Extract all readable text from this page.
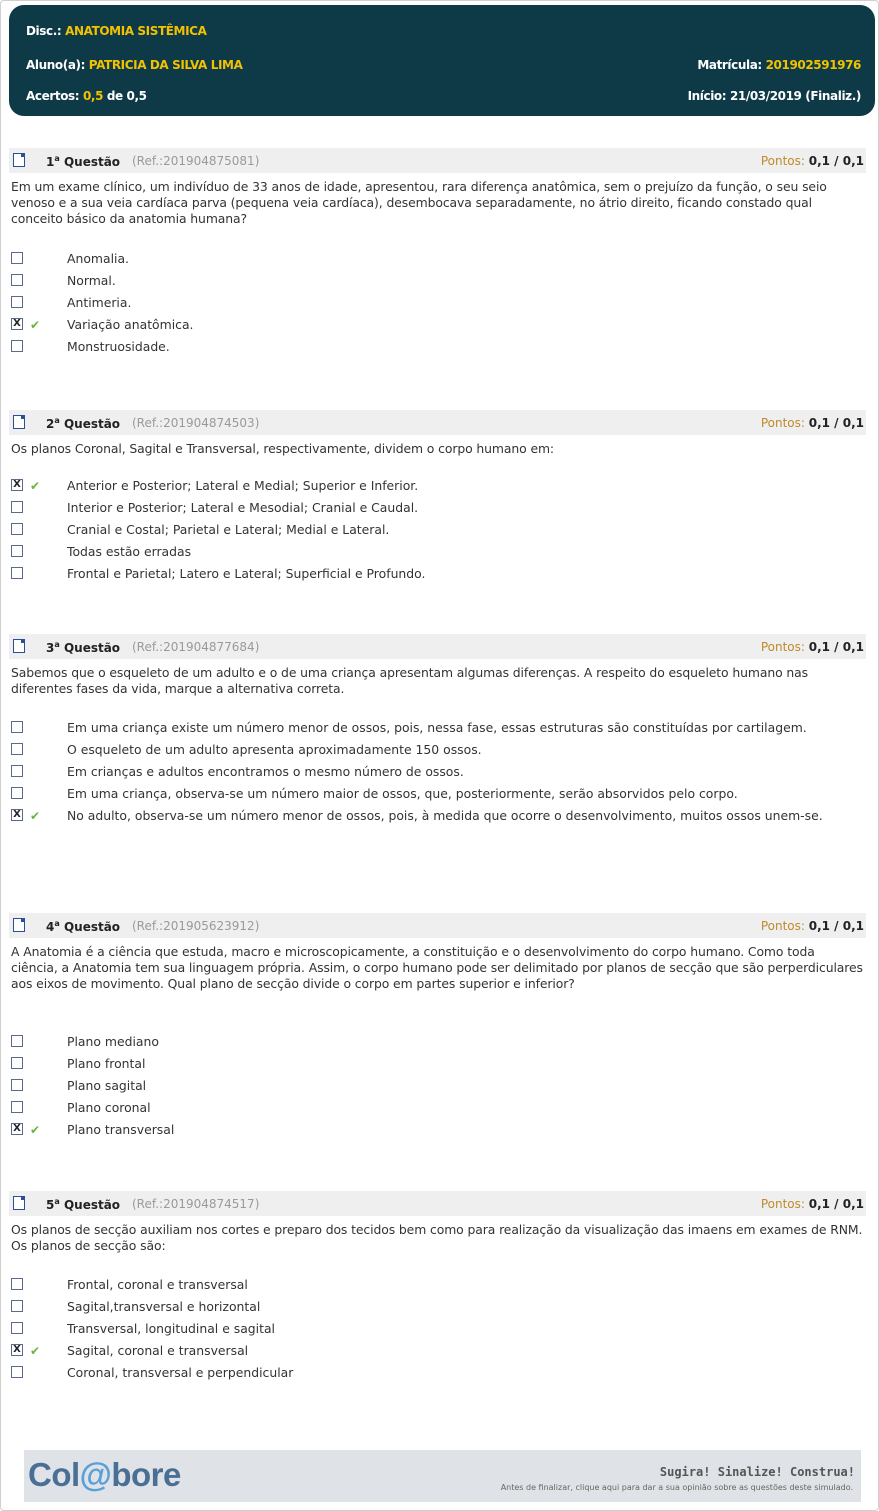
Disc.: ANATOMIA SISTÊMICA
Aluno(a): PATRICIA DA SILVA LIMA	Matrícula: 201902591976
Acertos: 0,5 de 0,5	Início: 21/03/2019 (Finaliz.)
1$^a$ Questão (Ref.:201904875081)	Pontos: 0,1 / 0,1
Em um exame clínico, um indivíduo de 33 anos de idade, apresentou, rara diferença anatômica, sem o prejuízo da função, o seu seio venoso e a sua veia cardíaca parva (pequena veia cardíaca), desembocava separadamente, no átrio direito, ficando constado qual conceito básico da anatomia humana?
Anomalia.
Normal.
Antimeria.
X ✔ Variação anatômica.
Monstruosidade.
2$^a$ Questão (Ref.:201904874503)	Pontos: 0,1 / 0,1
Os planos Coronal, Sagital e Transversal, respectivamente, dividem o corpo humano em:
X ✔ Anterior e Posterior; Lateral e Medial; Superior e Inferior.
Interior e Posterior; Lateral e Mesodial; Cranial e Caudal.
Cranial e Costal; Parietal e Lateral; Medial e Lateral.
Todas estão erradas
Frontal e Parietal; Latero e Lateral; Superficial e Profundo.
3$^a$ Questão (Ref.:201904877684)	Pontos: 0,1 / 0,1
Sabemos que o esqueleto de um adulto e o de uma criança apresentam algumas diferenças. A respeito do esqueleto humano nas diferentes fases da vida, marque a alternativa correta.
Em uma criança existe um número menor de ossos, pois, nessa fase, essas estruturas são constituídas por cartilagem.
O esqueleto de um adulto apresenta aproximadamente 150 ossos.
Em crianças e adultos encontramos o mesmo número de ossos.
Em uma criança, observa-se um número maior de ossos, que, posteriormente, serão absorvidos pelo corpo.
X ✔ No adulto, observa-se um número menor de ossos, pois, à medida que ocorre o desenvolvimento, muitos ossos unem-se.
4$^a$ Questão (Ref.:201905623912)	Pontos: 0,1 / 0,1
A Anatomia é a ciência que estuda, macro e microscopicamente, a constituição e o desenvolvimento do corpo humano. Como toda ciência, a Anatomia tem sua linguagem própria. Assim, o corpo humano pode ser delimitado por planos de secção que são perperdiculares aos eixos de movimento. Qual plano de secção divide o corpo em partes superior e inferior?
Plano mediano
Plano frontal
Plano sagital
Plano coronal
X ✔ Plano transversal
5$^a$ Questão (Ref.:201904874517)	Pontos: 0,1 / 0,1
Os planos de secção auxiliam nos cortes e preparo dos tecidos bem como para realização da visualização das imaens em exames de RNM. Os planos de secção são:
Frontal, coronal e transversal
Sagital,transversal e horizontal
Transversal, longitudinal e sagital
X ✔ Sagital, coronal e transversal
Coronal, transversal e perpendicular
Col@bore	Sugira! Sinalize! Construa!
Antes de finalizar, clique aqui para dar a sua opinião sobre as questões deste simulado.
